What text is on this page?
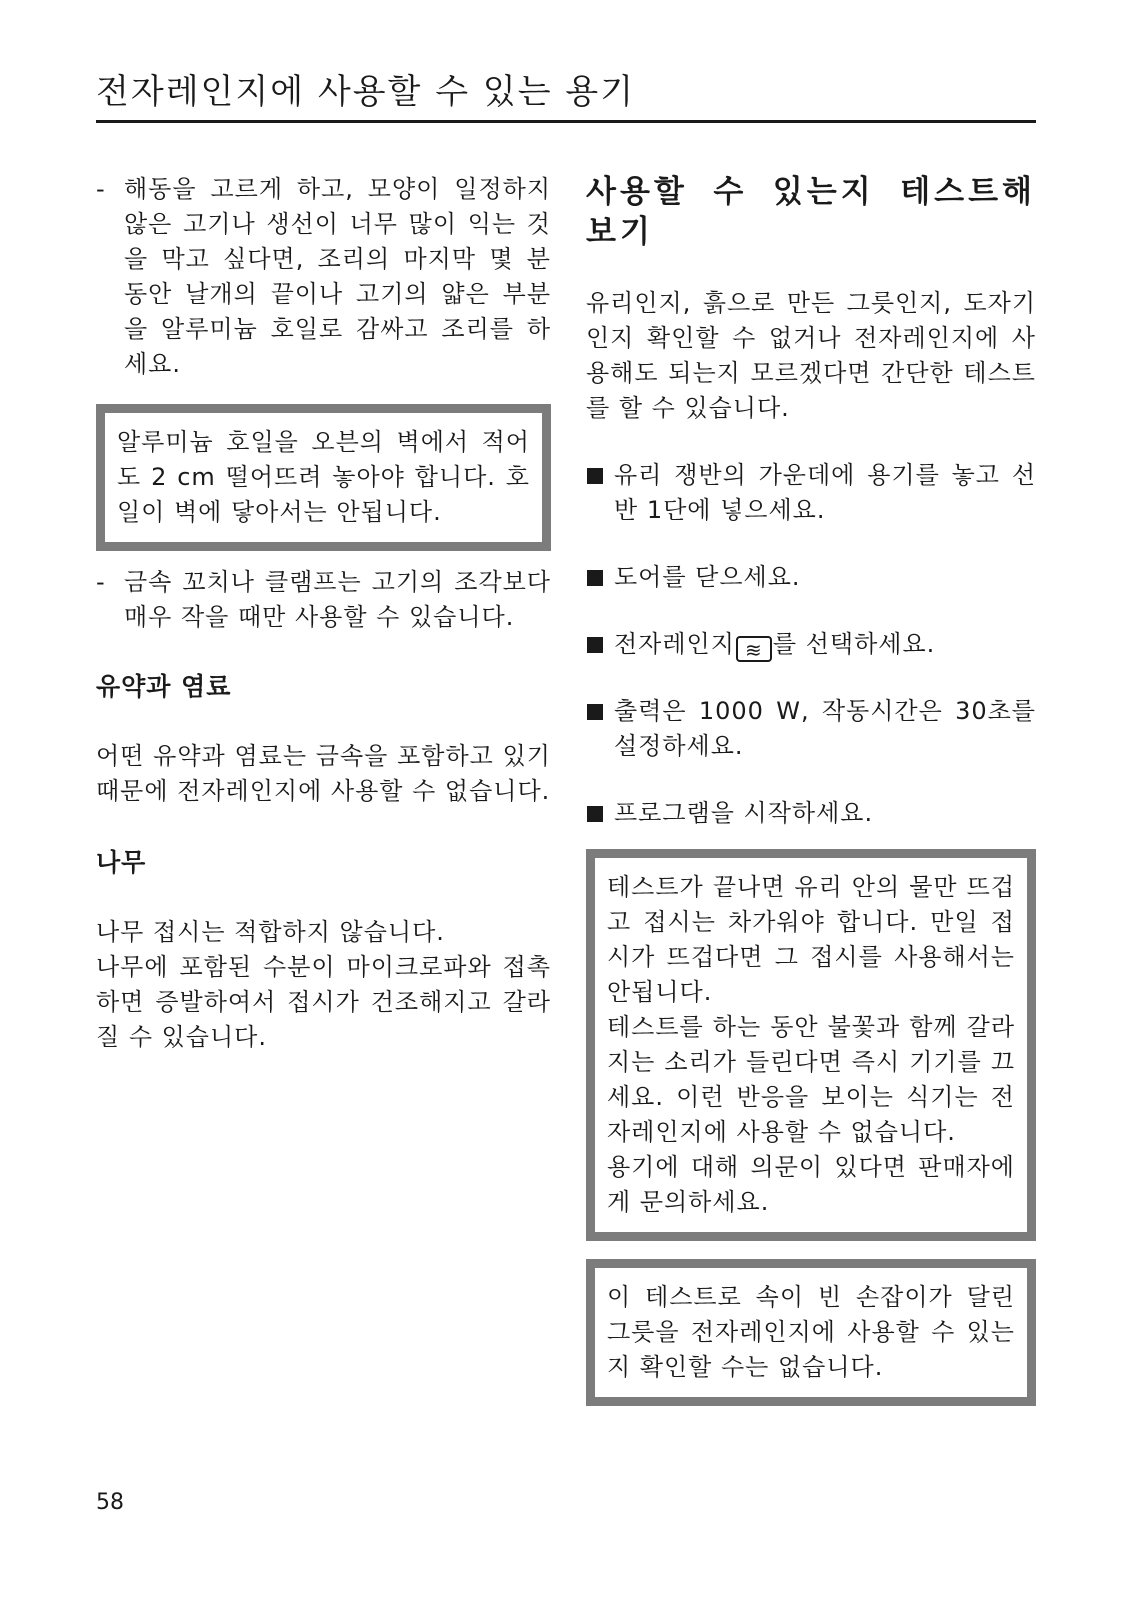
전자레인지에 사용할 수 있는 용기
- 해동을 고르게 하고, 모양이 일정하지 않은 고기나 생선이 너무 많이 익는 것을 막고 싶다면, 조리의 마지막 몇 분 동안 날개의 끝이나 고기의 얇은 부분을 알루미늄 호일로 감싸고 조리를 하세요.

알루미늄 호일을 오븐의 벽에서 적어도 2 cm 떨어뜨려 놓아야 합니다. 호일이 벽에 닿아서는 안됩니다.

- 금속 꼬치나 클램프는 고기의 조각보다 매우 작을 때만 사용할 수 있습니다.
유약과 염료

어떤 유약과 염료는 금속을 포함하고 있기 때문에 전자레인지에 사용할 수 없습니다.

나무

나무 접시는 적합하지 않습니다.

나무에 포함된 수분이 마이크로파와 접촉하면 증발하여서 접시가 건조해지고 갈라질 수 있습니다.

사용할 수 있는지 테스트해보기

유리인지, 흙으로 만든 그릇인지, 도자기인지 확인할 수 없거나 전자레인지에 사용해도 되는지 모르겠다면 간단한 테스트를 할 수 있습니다.

유리 쟁반의 가운데에 용기를 놓고 선반 1단에 넣으세요.
도어를 닫으세요.
전자레인지 ≋ 를 선택하세요.
출력은 1000 W, 작동시간은 30초를 설정하세요.
프로그램을 시작하세요.

테스트가 끝나면 유리 안의 물만 뜨겁고 접시는 차가워야 합니다. 만일 접시가 뜨겁다면 그 접시를 사용해서는 안됩니다.

테스트를 하는 동안 불꽃과 함께 갈라지는 소리가 들린다면 즉시 기기를 끄세요. 이런 반응을 보이는 식기는 전자레인지에 사용할 수 없습니다.

용기에 대해 의문이 있다면 판매자에게 문의하세요.

이 테스트로 속이 빈 손잡이가 달린 그릇을 전자레인지에 사용할 수 있는지 확인할 수는 없습니다.

58
